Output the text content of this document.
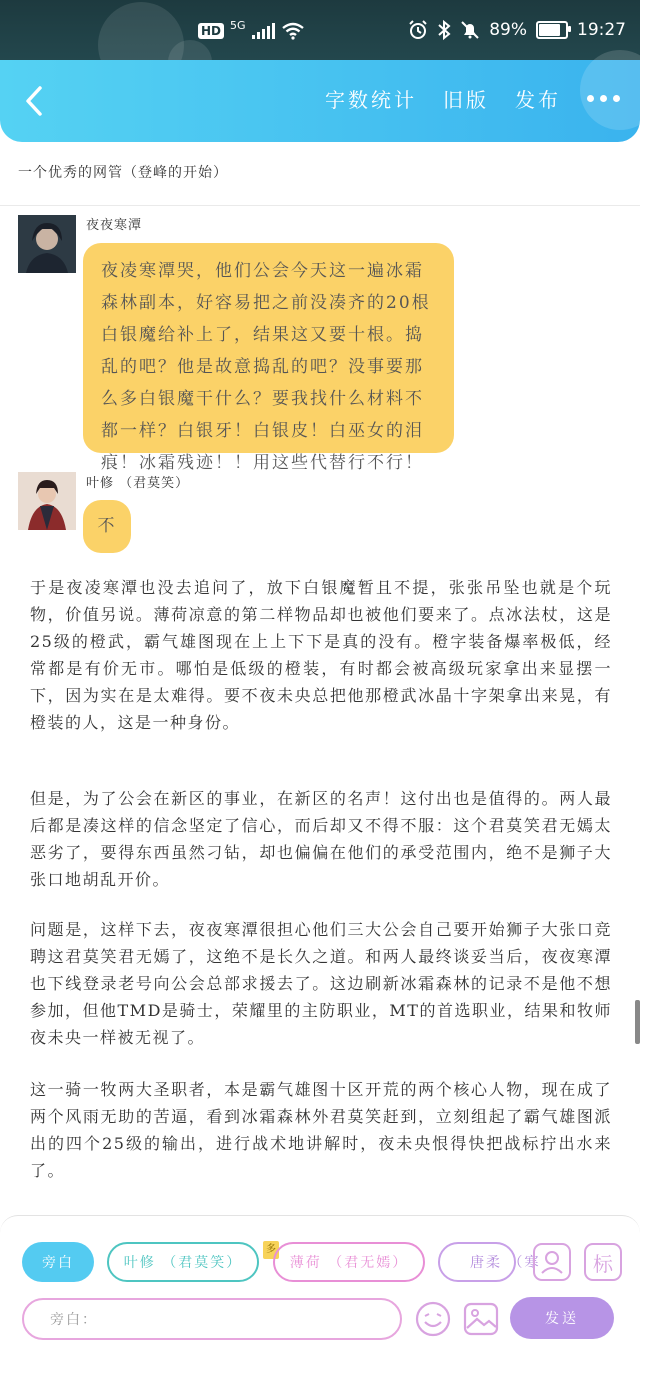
HD 5G	89%	19:27
字数统计 旧版 发布
一个优秀的网管（登峰的开始）
夜夜寒潭
夜凌寒潭哭，他们公会今天这一遍冰霜森林副本，好容易把之前没凑齐的20根白银魔给补上了，结果这又要十根。捣乱的吧？他是故意捣乱的吧？没事要那么多白银魔干什么？要我找什么材料不都一样？白银牙！白银皮！白巫女的泪痕！冰霜残迹！！用这些代替行不行！
叶修 （君莫笑）
不
于是夜凌寒潭也没去追问了，放下白银魔暂且不提，张张吊坠也就是个玩物，价值另说。薄荷凉意的第二样物品却也被他们要来了。点冰法杖，这是25级的橙武，霸气雄图现在上上下下是真的没有。橙字装备爆率极低，经常都是有价无市。哪怕是低级的橙装，有时都会被高级玩家拿出来显摆一下，因为实在是太难得。要不夜未央总把他那橙武冰晶十字架拿出来晃，有橙装的人，这是一种身份。
但是，为了公会在新区的事业，在新区的名声！这付出也是值得的。两人最后都是凑这样的信念坚定了信心，而后却又不得不服：这个君莫笑君无嫣太恶劣了，要得东西虽然刁钻，却也偏偏在他们的承受范围内，绝不是狮子大张口地胡乱开价。
问题是，这样下去，夜夜寒潭很担心他们三大公会自己要开始狮子大张口竞聘这君莫笑君无嫣了，这绝不是长久之道。和两人最终谈妥当后，夜夜寒潭也下线登录老号向公会总部求援去了。这边刷新冰霜森林的记录不是他不想参加，但他TMD是骑士，荣耀里的主防职业，MT的首选职业，结果和牧师夜未央一样被无视了。
这一骑一牧两大圣职者，本是霸气雄图十区开荒的两个核心人物，现在成了两个风雨无助的苦逼，看到冰霜森林外君莫笑赶到，立刻组起了霸气雄图派出的四个25级的输出，进行战术地讲解时，夜未央恨得快把战标拧出水来了。
旁白	叶修 （君莫笑）
多
薄荷 （君无嫣）	唐柔 （寒	标
旁白：	发送
